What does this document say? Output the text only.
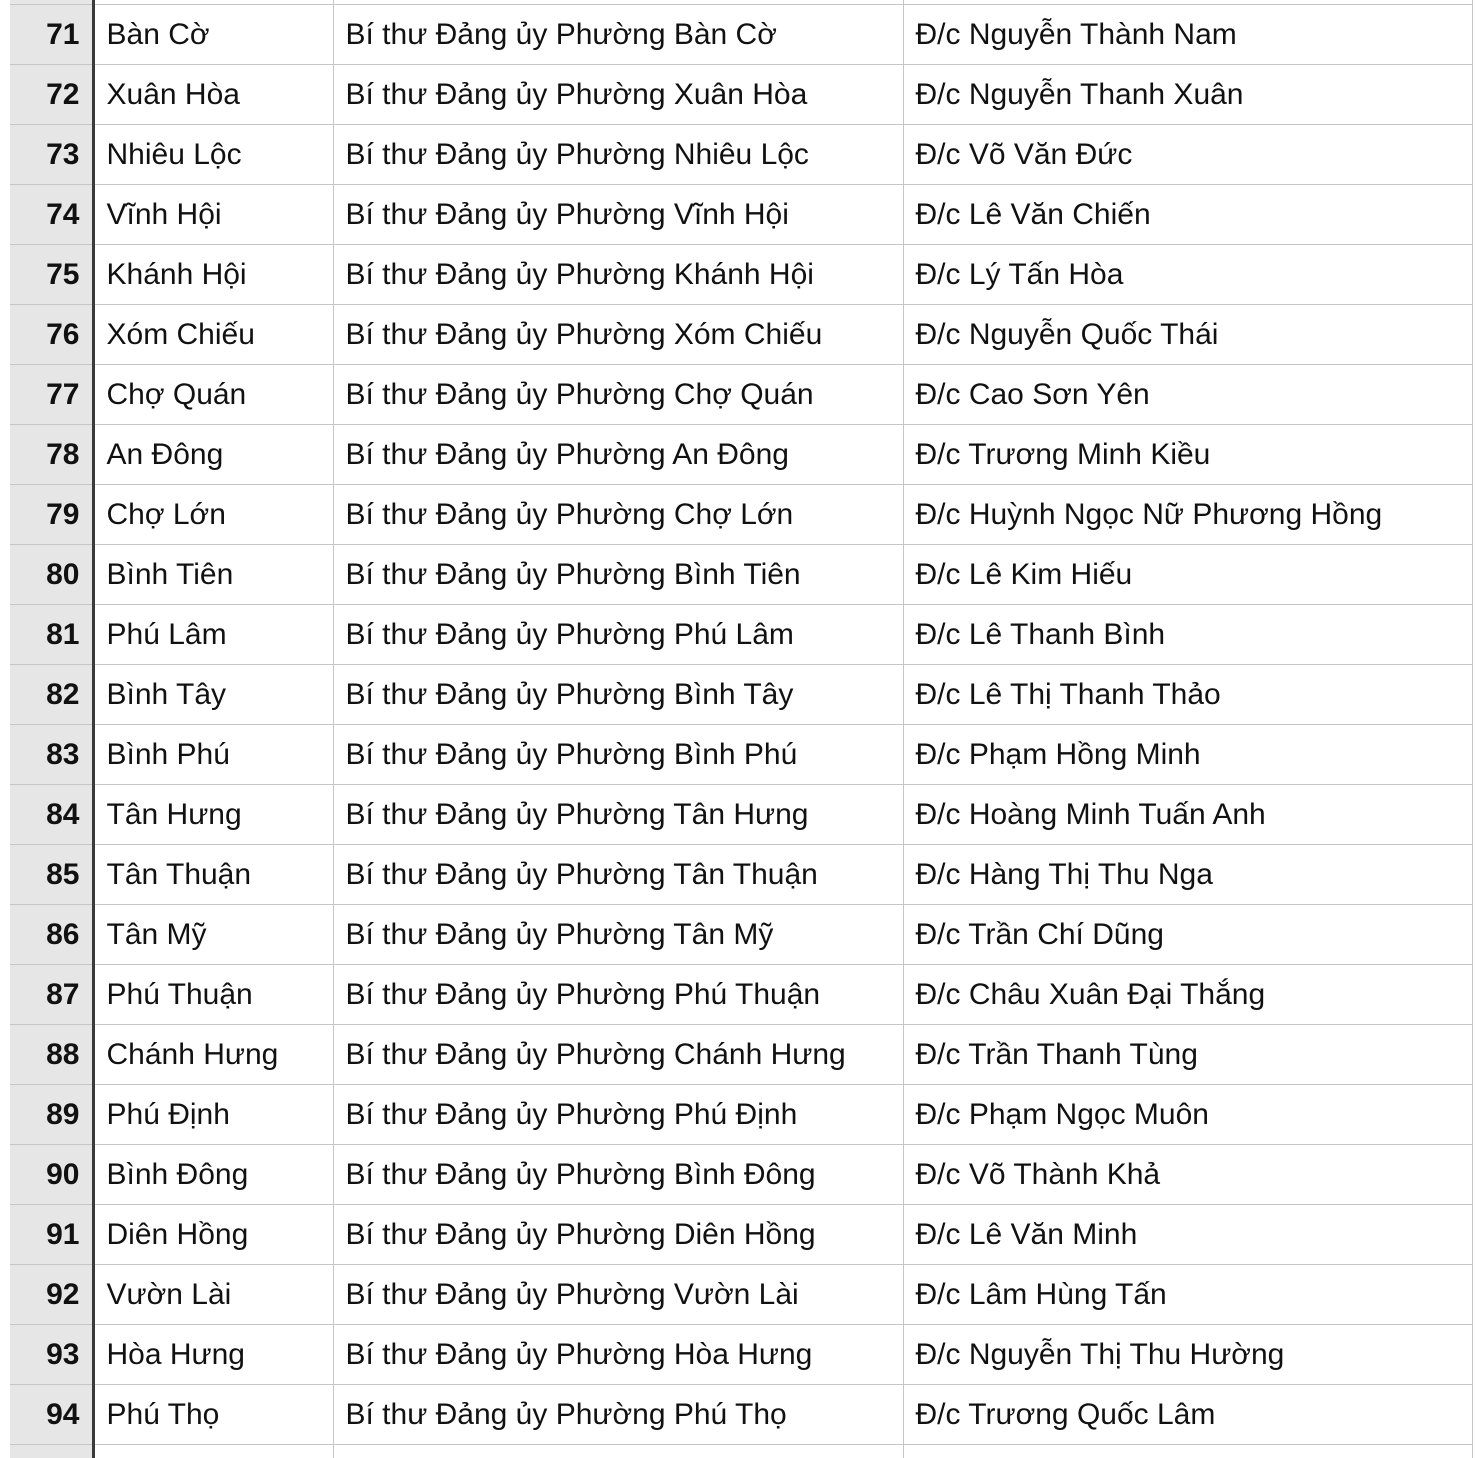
71	Bàn Cờ	Bí thư Đảng ủy Phường Bàn Cờ	Đ/c Nguyễn Thành Nam
72	Xuân Hòa	Bí thư Đảng ủy Phường Xuân Hòa	Đ/c Nguyễn Thanh Xuân
73	Nhiêu Lộc	Bí thư Đảng ủy Phường Nhiêu Lộc	Đ/c Võ Văn Đức
74	Vĩnh Hội	Bí thư Đảng ủy Phường Vĩnh Hội	Đ/c Lê Văn Chiến
75	Khánh Hội	Bí thư Đảng ủy Phường Khánh Hội	Đ/c Lý Tấn Hòa
76	Xóm Chiếu	Bí thư Đảng ủy Phường Xóm Chiếu	Đ/c Nguyễn Quốc Thái
77	Chợ Quán	Bí thư Đảng ủy Phường Chợ Quán	Đ/c Cao Sơn Yên
78	An Đông	Bí thư Đảng ủy Phường An Đông	Đ/c Trương Minh Kiều
79	Chợ Lớn	Bí thư Đảng ủy Phường Chợ Lớn	Đ/c Huỳnh Ngọc Nữ Phương Hồng
80	Bình Tiên	Bí thư Đảng ủy Phường Bình Tiên	Đ/c Lê Kim Hiếu
81	Phú Lâm	Bí thư Đảng ủy Phường Phú Lâm	Đ/c Lê Thanh Bình
82	Bình Tây	Bí thư Đảng ủy Phường Bình Tây	Đ/c Lê Thị Thanh Thảo
83	Bình Phú	Bí thư Đảng ủy Phường Bình Phú	Đ/c Phạm Hồng Minh
84	Tân Hưng	Bí thư Đảng ủy Phường Tân Hưng	Đ/c Hoàng Minh Tuấn Anh
85	Tân Thuận	Bí thư Đảng ủy Phường Tân Thuận	Đ/c Hàng Thị Thu Nga
86	Tân Mỹ	Bí thư Đảng ủy Phường Tân Mỹ	Đ/c Trần Chí Dũng
87	Phú Thuận	Bí thư Đảng ủy Phường Phú Thuận	Đ/c Châu Xuân Đại Thắng
88	Chánh Hưng	Bí thư Đảng ủy Phường Chánh Hưng	Đ/c Trần Thanh Tùng
89	Phú Định	Bí thư Đảng ủy Phường Phú Định	Đ/c Phạm Ngọc Muôn
90	Bình Đông	Bí thư Đảng ủy Phường Bình Đông	Đ/c Võ Thành Khả
91	Diên Hồng	Bí thư Đảng ủy Phường Diên Hồng	Đ/c Lê Văn Minh
92	Vườn Lài	Bí thư Đảng ủy Phường Vườn Lài	Đ/c Lâm Hùng Tấn
93	Hòa Hưng	Bí thư Đảng ủy Phường Hòa Hưng	Đ/c Nguyễn Thị Thu Hường
94	Phú Thọ	Bí thư Đảng ủy Phường Phú Thọ	Đ/c Trương Quốc Lâm
